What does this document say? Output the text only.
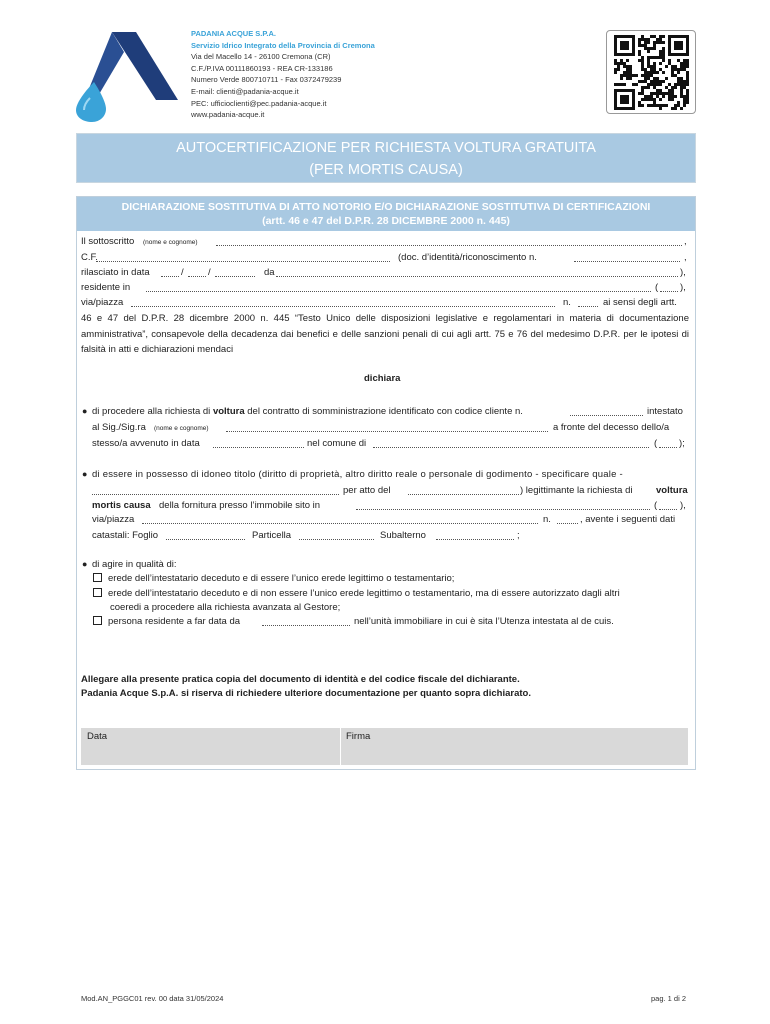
PADANIA ACQUE S.P.A.
Servizio Idrico Integrato della Provincia di Cremona
Via del Macello 14 - 26100 Cremona (CR)
C.F./P.IVA 00111860193 - REA CR-133186
Numero Verde 800710711 - Fax 0372479239
E-mail: clienti@padania-acque.it
PEC: ufficioclienti@pec.padania-acque.it
www.padania-acque.it
AUTOCERTIFICAZIONE PER RICHIESTA VOLTURA GRATUITA
(PER MORTIS CAUSA)
DICHIARAZIONE SOSTITUTIVA DI ATTO NOTORIO E/O DICHIARAZIONE SOSTITUTIVA DI CERTIFICAZIONI
(artt. 46 e 47 del D.P.R. 28 DICEMBRE 2000 n. 445)
Il sottoscritto (nome e cognome)	,
C.F.	(doc. d’identità/riconoscimento n.	,
rilasciato in data	/	/	da	),
residente in	( ),
via/piazza	n.	ai sensi degli artt.
46 e 47 del D.P.R. 28 dicembre 2000 n. 445 “Testo Unico delle disposizioni legislative e regolamentari in materia di documentazione amministrativa”, consapevole della decadenza dai benefici e delle sanzioni penali di cui agli artt. 75 e 76 del medesimo D.P.R. per le ipotesi di falsità in atti e dichiarazioni mendaci
dichiara
● di procedere alla richiesta di voltura del contratto di somministrazione identificato con codice cliente n.	intestato
al Sig./Sig.ra (nome e cognome)	a fronte del decesso dello/a
stesso/a avvenuto in data	nel comune di	( );
● di essere in possesso di idoneo titolo (diritto di proprietà, altro diritto reale o personale di godimento - specificare quale -
per atto del	) legittimante la richiesta di voltura
mortis causa della fornitura presso l’immobile sito in	( ),
via/piazza	n.	, avente i seguenti dati
catastali: Foglio	Particella	Subalterno	;
● di agire in qualità di:
erede dell’intestatario deceduto e di essere l’unico erede legittimo o testamentario;
erede dell’intestatario deceduto e di non essere l’unico erede legittimo o testamentario, ma di essere autorizzato dagli altri
coeredi a procedere alla richiesta avanzata al Gestore;
persona residente a far data da	nell’unità immobiliare in cui è sita l’Utenza intestata al de cuis.
Allegare alla presente pratica copia del documento di identità e del codice fiscale del dichiarante.
Padania Acque S.p.A. si riserva di richiedere ulteriore documentazione per quanto sopra dichiarato.
Data	Firma
Mod.AN_PGGC01 rev. 00 data 31/05/2024	pag. 1 di 2
